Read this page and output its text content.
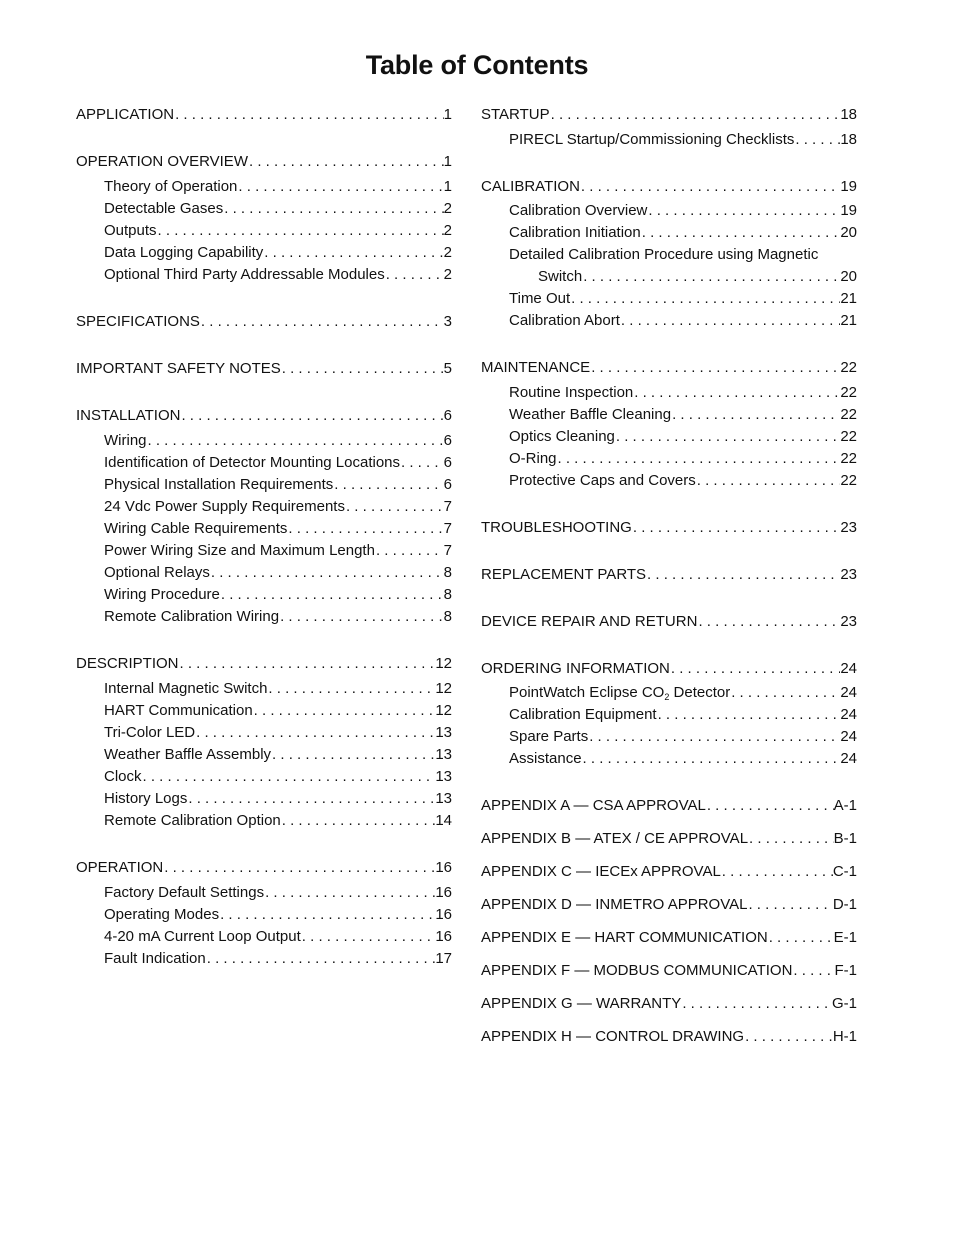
Table of Contents
APPLICATION . . .	1
OPERATION OVERVIEW . . .	1
Theory of Operation . . .	1
Detectable Gases . . .	2
Outputs . . .	2
Data Logging Capability . . .	2
Optional Third Party Addressable Modules . . .	2
SPECIFICATIONS . . .	3
IMPORTANT SAFETY NOTES . . .	5
INSTALLATION . . .	6
Wiring . . .	6
Identification of Detector Mounting Locations . . .	6
Physical Installation Requirements . . .	6
24 Vdc Power Supply Requirements . . .	7
Wiring Cable Requirements . . .	7
Power Wiring Size and Maximum Length . . .	7
Optional Relays . . .	8
Wiring Procedure . . .	8
Remote Calibration Wiring . . .	8
DESCRIPTION . . .	12
Internal Magnetic Switch . . .	12
HART Communication . . .	12
Tri-Color LED . . .	13
Weather Baffle Assembly . . .	13
Clock . . .	13
History Logs . . .	13
Remote Calibration Option . . .	14
OPERATION . . .	16
Factory Default Settings . . .	16
Operating Modes . . .	16
4-20 mA Current Loop Output . . .	16
Fault Indication . . .	17
STARTUP . . .	18
PIRECL Startup/Commissioning Checklists . . .	18
CALIBRATION . . .	19
Calibration Overview . . .	19
Calibration Initiation . . .	20
Detailed Calibration Procedure using Magnetic
Switch . . .	20
Time Out . . .	21
Calibration Abort . . .	21
MAINTENANCE . . .	22
Routine Inspection . . .	22
Weather Baffle Cleaning . . .	22
Optics Cleaning . . .	22
O-Ring . . .	22
Protective Caps and Covers . . .	22
TROUBLESHOOTING . . .	23
REPLACEMENT PARTS . . .	23
DEVICE REPAIR AND RETURN . . .	23
ORDERING INFORMATION . . .	24
PointWatch Eclipse $CO_2$ Detector . . .	24
Calibration Equipment . . .	24
Spare Parts . . .	24
Assistance . . .	24
APPENDIX A — CSA APPROVAL . . .	A-1
APPENDIX B — ATEX / CE APPROVAL . . .	B-1
APPENDIX C — IECEx APPROVAL . . .	C-1
APPENDIX D — INMETRO APPROVAL . . .	D-1
APPENDIX E — HART COMMUNICATION . . .	E-1
APPENDIX F — MODBUS COMMUNICATION . . .	F-1
APPENDIX G — WARRANTY . . .	G-1
APPENDIX H — CONTROL DRAWING . . .	H-1
